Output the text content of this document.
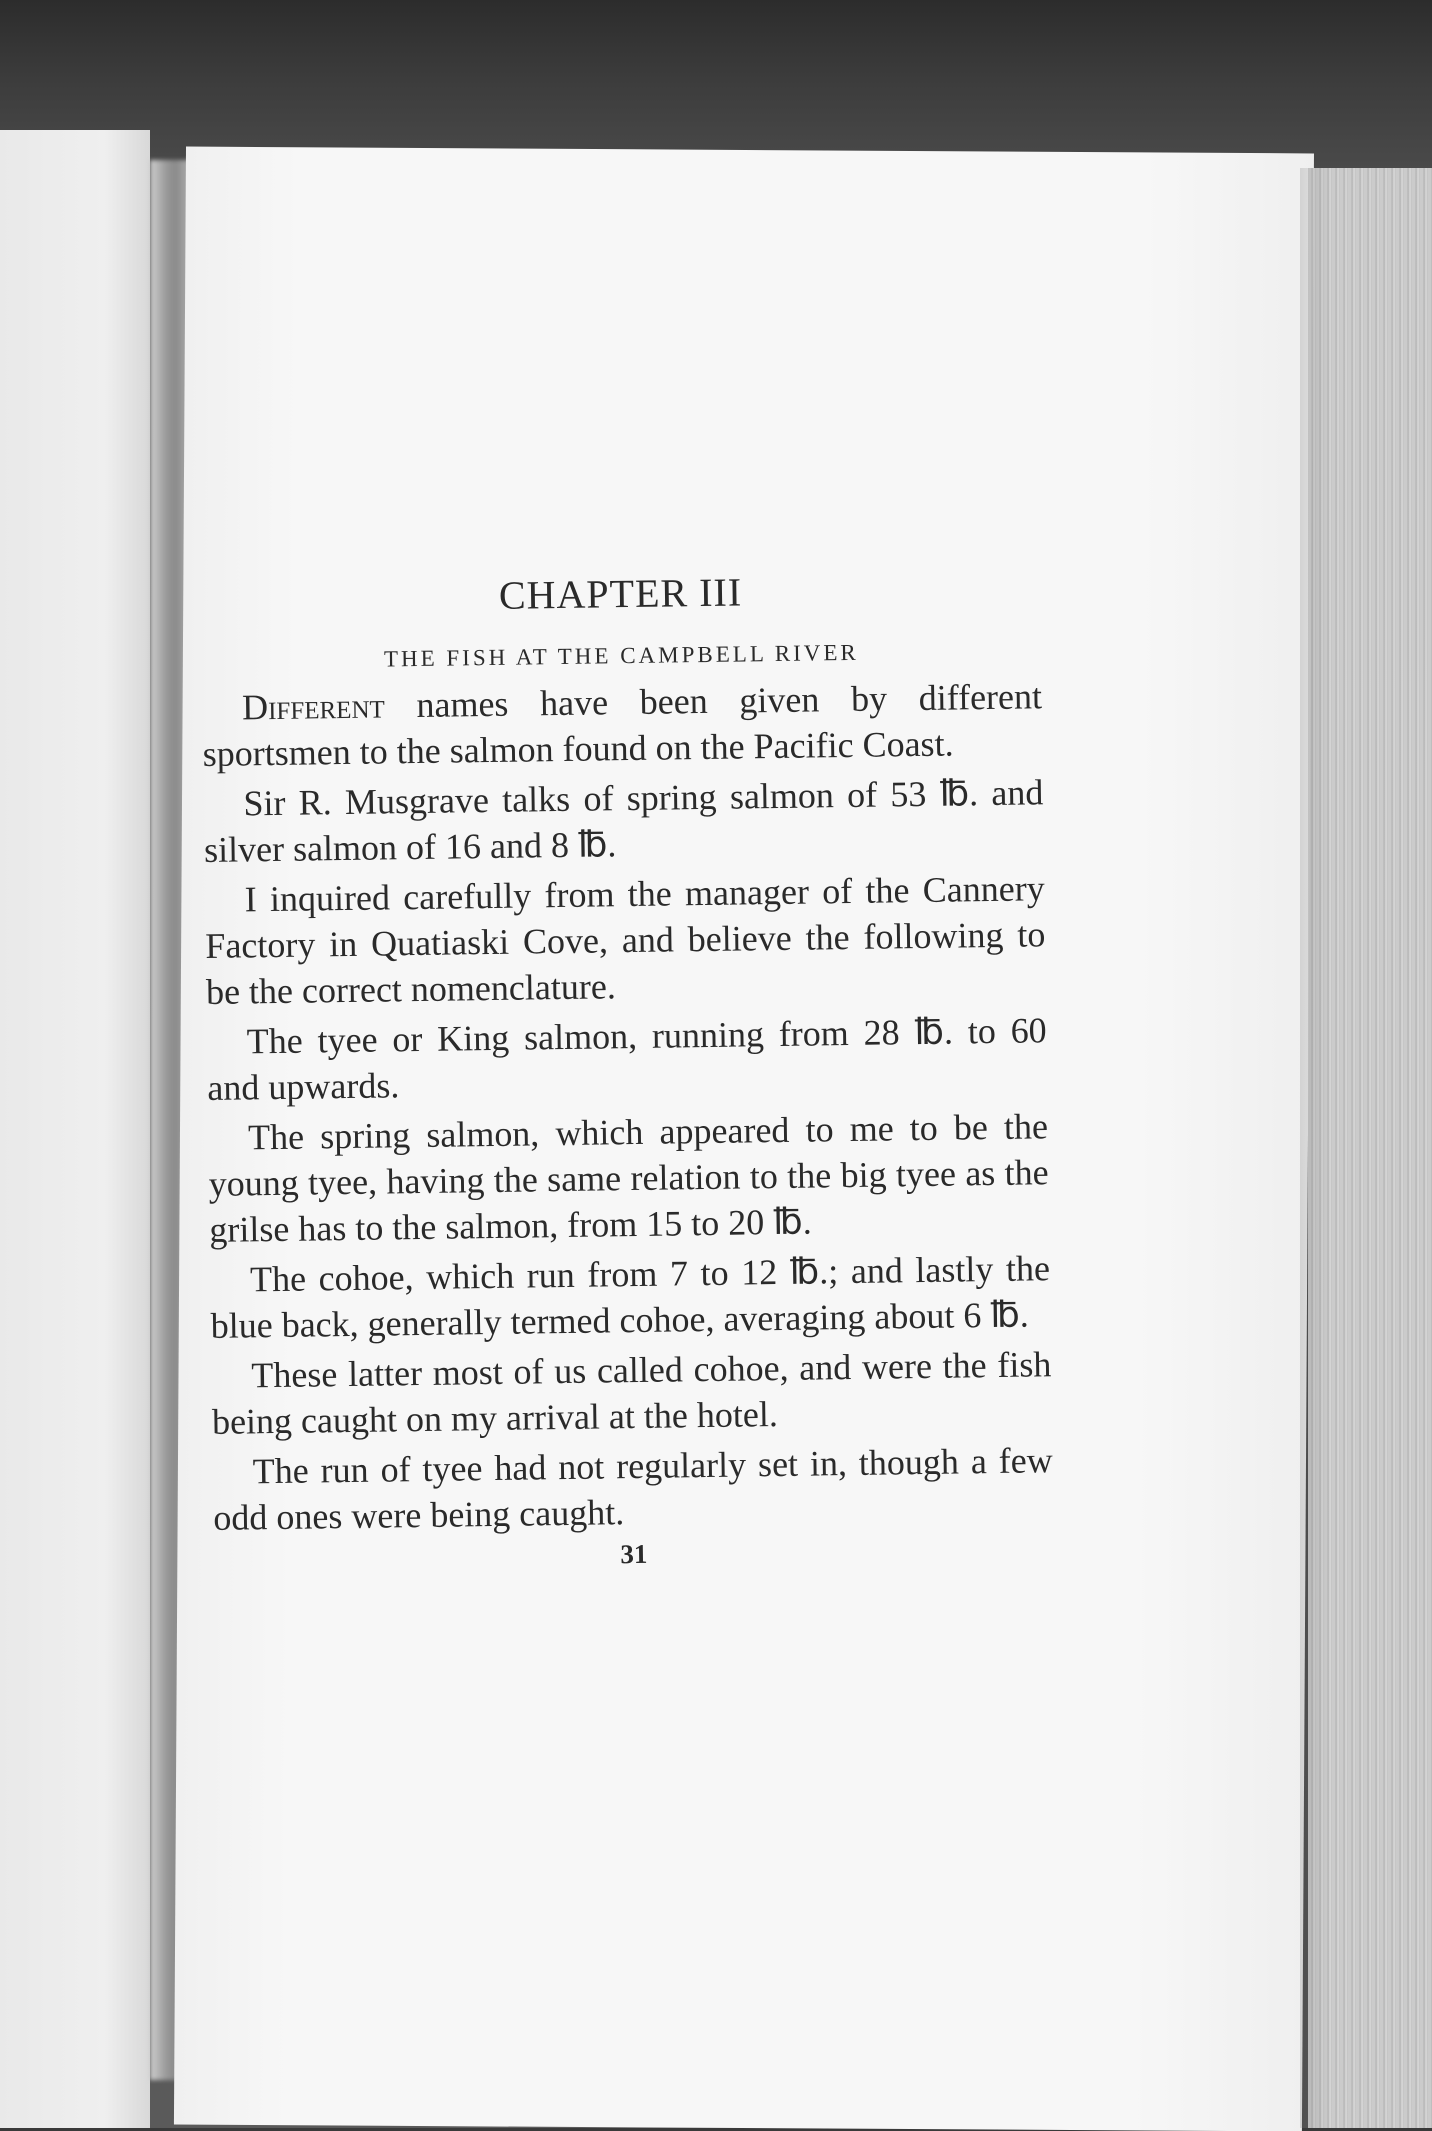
CHAPTER III
THE FISH AT THE CAMPBELL RIVER

Different names have been given by different sportsmen to the salmon found on the Pacific Coast.

Sir R. Musgrave talks of spring salmon of 53 ℔. and silver salmon of 16 and 8 ℔.

I inquired carefully from the manager of the Cannery Factory in Quatiaski Cove, and believe the following to be the correct nomenclature.

The tyee or King salmon, running from 28 ℔. to 60 and upwards.

The spring salmon, which appeared to me to be the young tyee, having the same relation to the big tyee as the grilse has to the salmon, from 15 to 20 ℔.

The cohoe, which run from 7 to 12 ℔.; and lastly the blue back, generally termed cohoe, averaging about 6 ℔.

These latter most of us called cohoe, and were the fish being caught on my arrival at the hotel.

The run of tyee had not regularly set in, though a few odd ones were being caught.

31
